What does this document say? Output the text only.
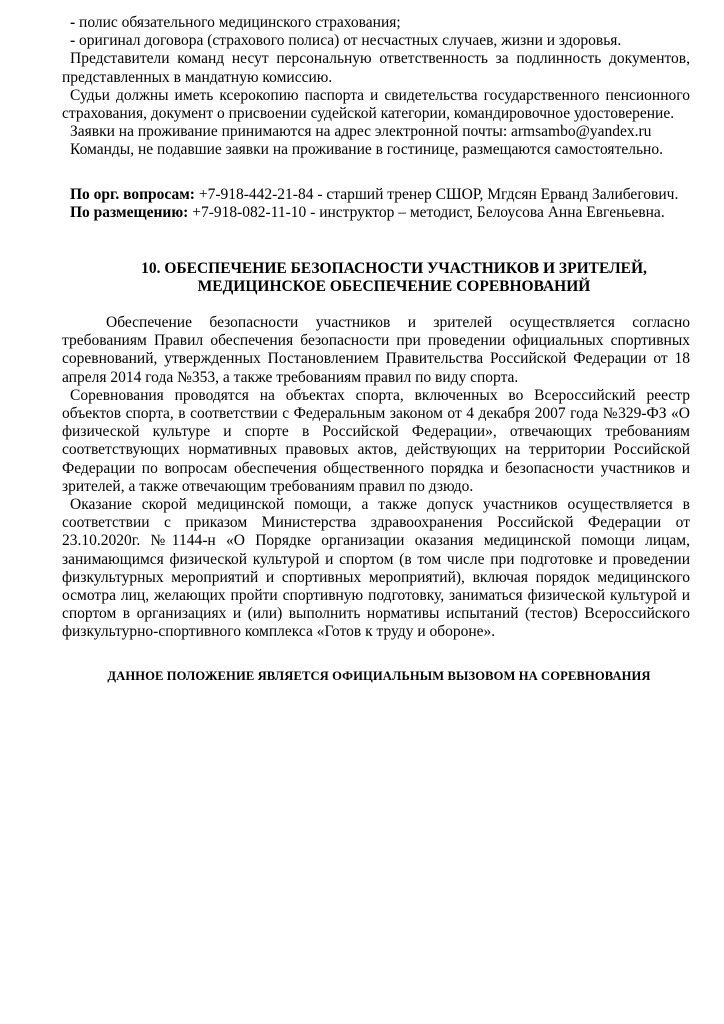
- полис обязательного медицинского страхования;

- оригинал договора (страхового полиса) от несчастных случаев, жизни и здоровья.

Представители команд несут персональную ответственность за подлинность документов, представленных в мандатную комиссию.

Судьи должны иметь ксерокопию паспорта и свидетельства государственного пенсионного страхования, документ о присвоении судейской категории, командировочное удостоверение.

Заявки на проживание принимаются на адрес электронной почты: armsambo@yandex.ru

Команды, не подавшие заявки на проживание в гостинице, размещаются самостоятельно.

По орг. вопросам: +7-918-442-21-84 - старший тренер СШОР, Мгдсян Ерванд Залибегович.

По размещению: +7-918-082-11-10 - инструктор – методист, Белоусова Анна Евгеньевна.

10. ОБЕСПЕЧЕНИЕ БЕЗОПАСНОСТИ УЧАСТНИКОВ И ЗРИТЕЛЕЙ,
МЕДИЦИНСКОЕ ОБЕСПЕЧЕНИЕ СОРЕВНОВАНИЙ

Обеспечение безопасности участников и зрителей осуществляется согласно требованиям Правил обеспечения безопасности при проведении официальных спортивных соревнований, утвержденных Постановлением Правительства Российской Федерации от 18 апреля 2014 года №353, а также требованиям правил по виду спорта.

Соревнования проводятся на объектах спорта, включенных во Всероссийский реестр объектов спорта, в соответствии с Федеральным законом от 4 декабря 2007 года №329-ФЗ «О физической культуре и спорте в Российской Федерации», отвечающих требованиям соответствующих нормативных правовых актов, действующих на территории Российской Федерации по вопросам обеспечения общественного порядка и безопасности участников и зрителей, а также отвечающим требованиям правил по дзюдо.

Оказание скорой медицинской помощи, а также допуск участников осуществляется в соответствии с приказом Министерства здравоохранения Российской Федерации от 23.10.2020г. №1144-н «О Порядке организации оказания медицинской помощи лицам, занимающимся физической культурой и спортом (в том числе при подготовке и проведении физкультурных мероприятий и спортивных мероприятий), включая порядок медицинского осмотра лиц, желающих пройти спортивную подготовку, заниматься физической культурой и спортом в организациях и (или) выполнить нормативы испытаний (тестов) Всероссийского физкультурно-спортивного комплекса «Готов к труду и обороне».

ДАННОЕ ПОЛОЖЕНИЕ ЯВЛЯЕТСЯ ОФИЦИАЛЬНЫМ ВЫЗОВОМ НА СОРЕВНОВАНИЯ
